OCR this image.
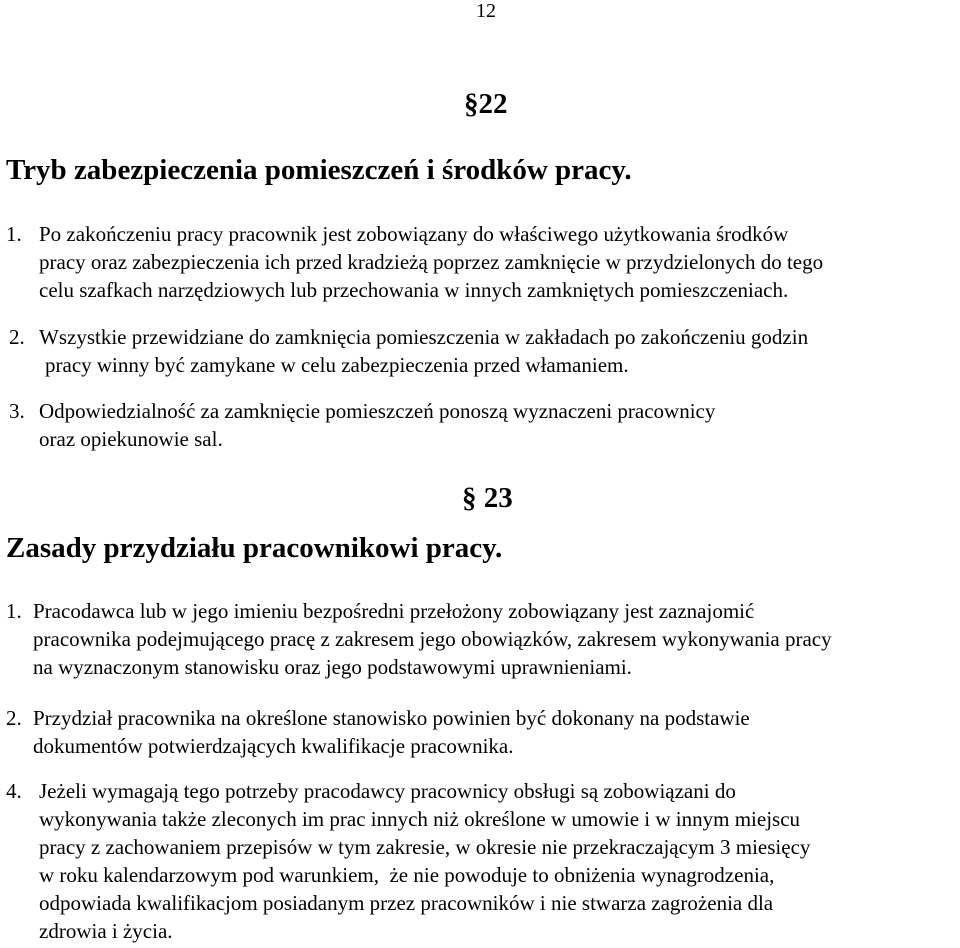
12
§22
Tryb zabezpieczenia pomieszczeń i środków pracy.
1. Po zakończeniu pracy pracownik jest zobowiązany do właściwego użytkowania środków
pracy oraz zabezpieczenia ich przed kradzieżą poprzez zamknięcie w przydzielonych do tego
celu szafkach narzędziowych lub przechowania w innych zamkniętych pomieszczeniach.
2. Wszystkie przewidziane do zamknięcia pomieszczenia w zakładach po zakończeniu godzin
pracy winny być zamykane w celu zabezpieczenia przed włamaniem.
3. Odpowiedzialność za zamknięcie pomieszczeń ponoszą wyznaczeni pracownicy
oraz opiekunowie sal.
§ 23
Zasady przydziału pracownikowi pracy.
1. Pracodawca lub w jego imieniu bezpośredni przełożony zobowiązany jest zaznajomić
pracownika podejmującego pracę z zakresem jego obowiązków, zakresem wykonywania pracy
na wyznaczonym stanowisku oraz jego podstawowymi uprawnieniami.
2. Przydział pracownika na określone stanowisko powinien być dokonany na podstawie
dokumentów potwierdzających kwalifikacje pracownika.
4. Jeżeli wymagają tego potrzeby pracodawcy pracownicy obsługi są zobowiązani do
wykonywania także zleconych im prac innych niż określone w umowie i w innym miejscu
pracy z zachowaniem przepisów w tym zakresie, w okresie nie przekraczającym 3 miesięcy
w roku kalendarzowym pod warunkiem,  że nie powoduje to obniżenia wynagrodzenia,
odpowiada kwalifikacjom posiadanym przez pracowników i nie stwarza zagrożenia dla
zdrowia i życia.
